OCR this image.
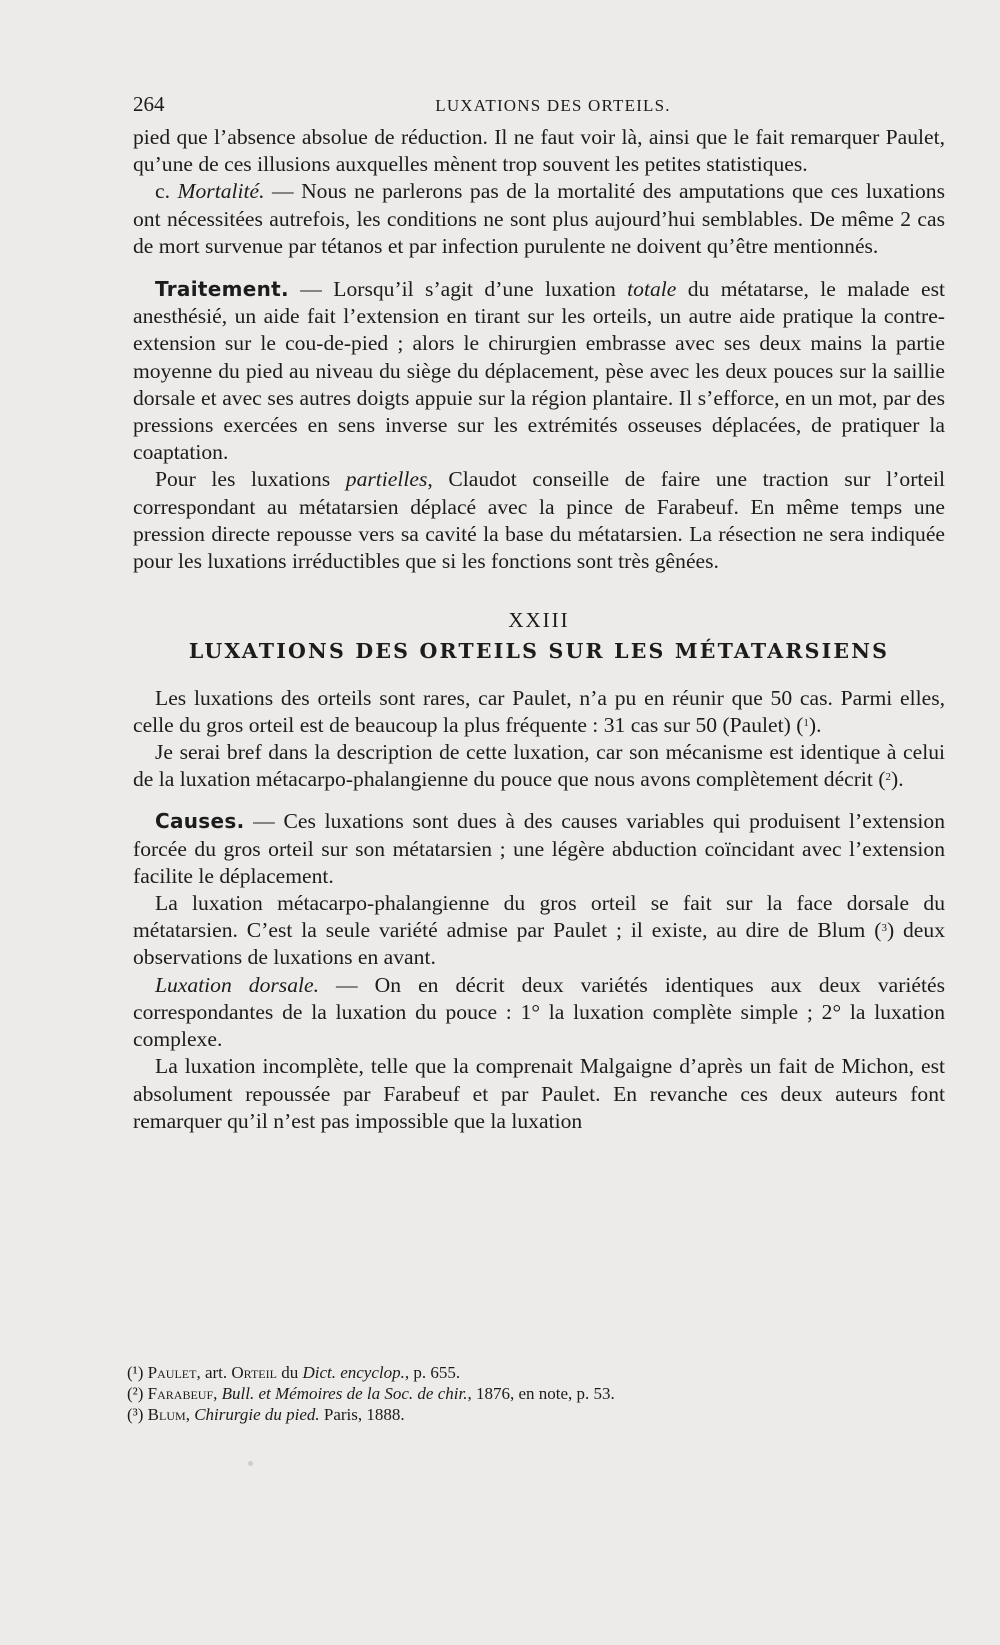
264	LUXATIONS DES ORTEILS.

pied que l’absence absolue de réduction. Il ne faut voir là, ainsi que le fait remarquer Paulet, qu’une de ces illusions auxquelles mènent trop souvent les petites statistiques.

c. Mortalité. — Nous ne parlerons pas de la mortalité des amputations que ces luxations ont nécessitées autrefois, les conditions ne sont plus aujourd’hui semblables. De même 2 cas de mort survenue par tétanos et par infection purulente ne doivent qu’être mentionnés.

Traitement. — Lorsqu’il s’agit d’une luxation totale du métatarse, le malade est anesthésié, un aide fait l’extension en tirant sur les orteils, un autre aide pratique la contre-extension sur le cou-de-pied ; alors le chirurgien embrasse avec ses deux mains la partie moyenne du pied au niveau du siège du déplacement, pèse avec les deux pouces sur la saillie dorsale et avec ses autres doigts appuie sur la région plantaire. Il s’efforce, en un mot, par des pressions exercées en sens inverse sur les extrémités osseuses déplacées, de pratiquer la coaptation.

Pour les luxations partielles, Claudot conseille de faire une traction sur l’orteil correspondant au métatarsien déplacé avec la pince de Farabeuf. En même temps une pression directe repousse vers sa cavité la base du métatarsien. La résection ne sera indiquée pour les luxations irréductibles que si les fonctions sont très gênées.

XXIII

LUXATIONS DES ORTEILS SUR LES MÉTATARSIENS

Les luxations des orteils sont rares, car Paulet, n’a pu en réunir que 50 cas. Parmi elles, celle du gros orteil est de beaucoup la plus fréquente : 31 cas sur 50 (Paulet) ($^1$).

Je serai bref dans la description de cette luxation, car son mécanisme est identique à celui de la luxation métacarpo-phalangienne du pouce que nous avons complètement décrit ($^2$).

Causes. — Ces luxations sont dues à des causes variables qui produisent l’extension forcée du gros orteil sur son métatarsien ; une légère abduction coïncidant avec l’extension facilite le déplacement.

La luxation métacarpo-phalangienne du gros orteil se fait sur la face dorsale du métatarsien. C’est la seule variété admise par Paulet ; il existe, au dire de Blum ($^3$) deux observations de luxations en avant.

Luxation dorsale. — On en décrit deux variétés identiques aux deux variétés correspondantes de la luxation du pouce : 1° la luxation complète simple ; 2° la luxation complexe.

La luxation incomplète, telle que la comprenait Malgaigne d’après un fait de Michon, est absolument repoussée par Farabeuf et par Paulet. En revanche ces deux auteurs font remarquer qu’il n’est pas impossible que la luxation

(¹) Paulet, art. Orteil du Dict. encyclop., p. 655.

(²) Farabeuf, Bull. et Mémoires de la Soc. de chir., 1876, en note, p. 53.

(³) Blum, Chirurgie du pied. Paris, 1888.
